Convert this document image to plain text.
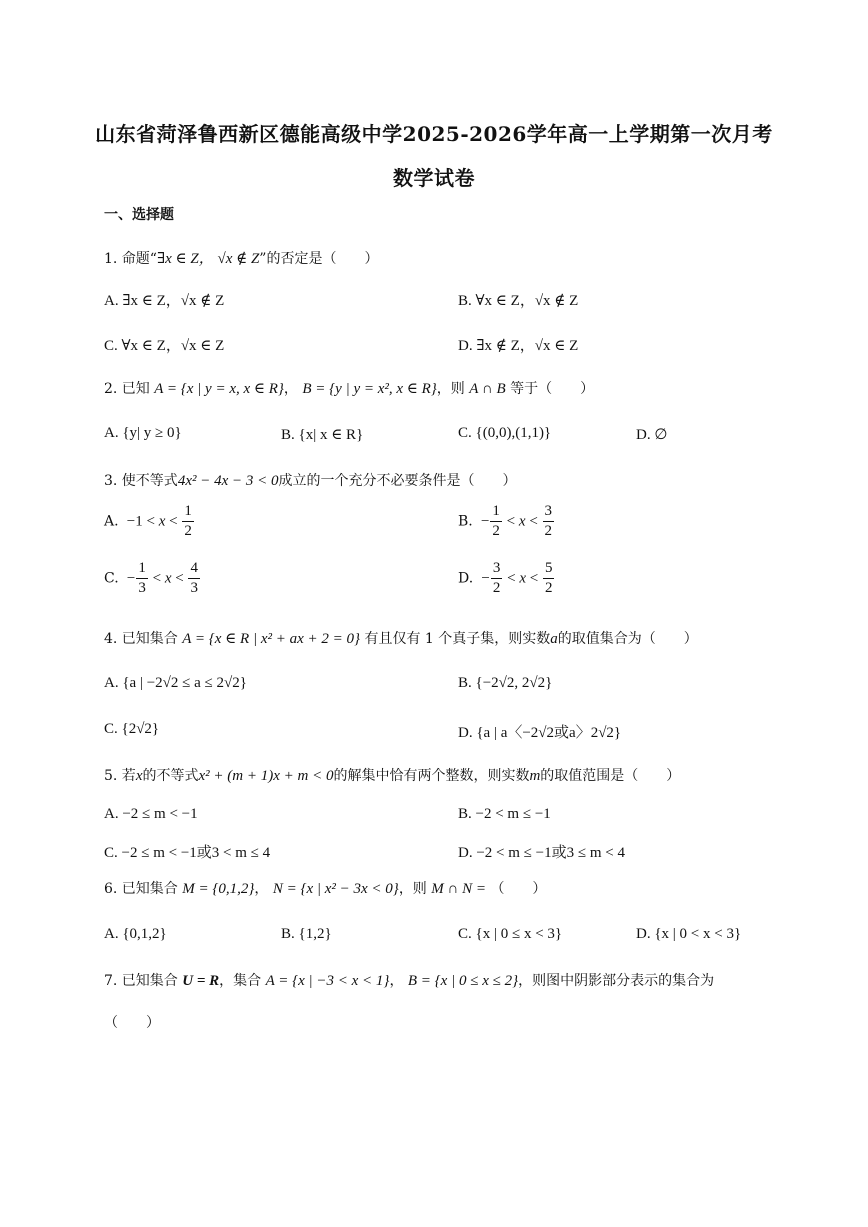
山东省菏泽鲁西新区德能高级中学2025-2026学年高一上学期第一次月考
数学试卷
一、选择题
1. 命题“∃x ∈ Z， √x ∉ Z”的否定是（　　）
A. ∃x ∈ Z，√x ∉ Z	B. ∀x ∈ Z，√x ∉ Z
C. ∀x ∈ Z，√x ∈ Z	D. ∃x ∉ Z，√x ∈ Z
2. 已知 A = {x | y = x, x ∈ R}， B = {y | y = x², x ∈ R}，则 A ∩ B 等于（　　）
A. {y| y ≥ 0}	B. {x| x ∈ R}	C. {(0,0),(1,1)}	D. ∅
3. 使不等式4x² − 4x − 3 < 0成立的一个充分不必要条件是（　　）
A.  $-1 < x < \frac{1}{2}$	B.  − $\frac{1}{2} < x < \frac{3}{2}$
C.  − $\frac{1}{3} < x < \frac{4}{3}$	D.  − $\frac{3}{2} < x < \frac{5}{2}$
4. 已知集合 A = {x ∈ R | x² + ax + 2 = 0} 有且仅有 1 个真子集，则实数a的取值集合为（　　）
A. {a | −2√2 ≤ a ≤ 2√2}	B. {−2√2, 2√2}
C. {2√2}	D. {a | a〈−2√2或a〉2√2}
5. 若x的不等式x² + (m + 1)x + m < 0的解集中恰有两个整数，则实数m的取值范围是（　　）
A. −2 ≤ m < −1	B. −2 < m ≤ −1
C. −2 ≤ m < −1或3 < m ≤ 4	D. −2 < m ≤ −1或3 ≤ m < 4
6. 已知集合 M = {0,1,2}， N = {x | x² − 3x < 0}，则 M ∩ N = （　　）
A. {0,1,2}	B. {1,2}	C. {x | 0 ≤ x < 3}	D. {x | 0 < x < 3}
7. 已知集合 U = R，集合 A = {x | −3 < x < 1}， B = {x | 0 ≤ x ≤ 2}，则图中阴影部分表示的集合为
（　　）
